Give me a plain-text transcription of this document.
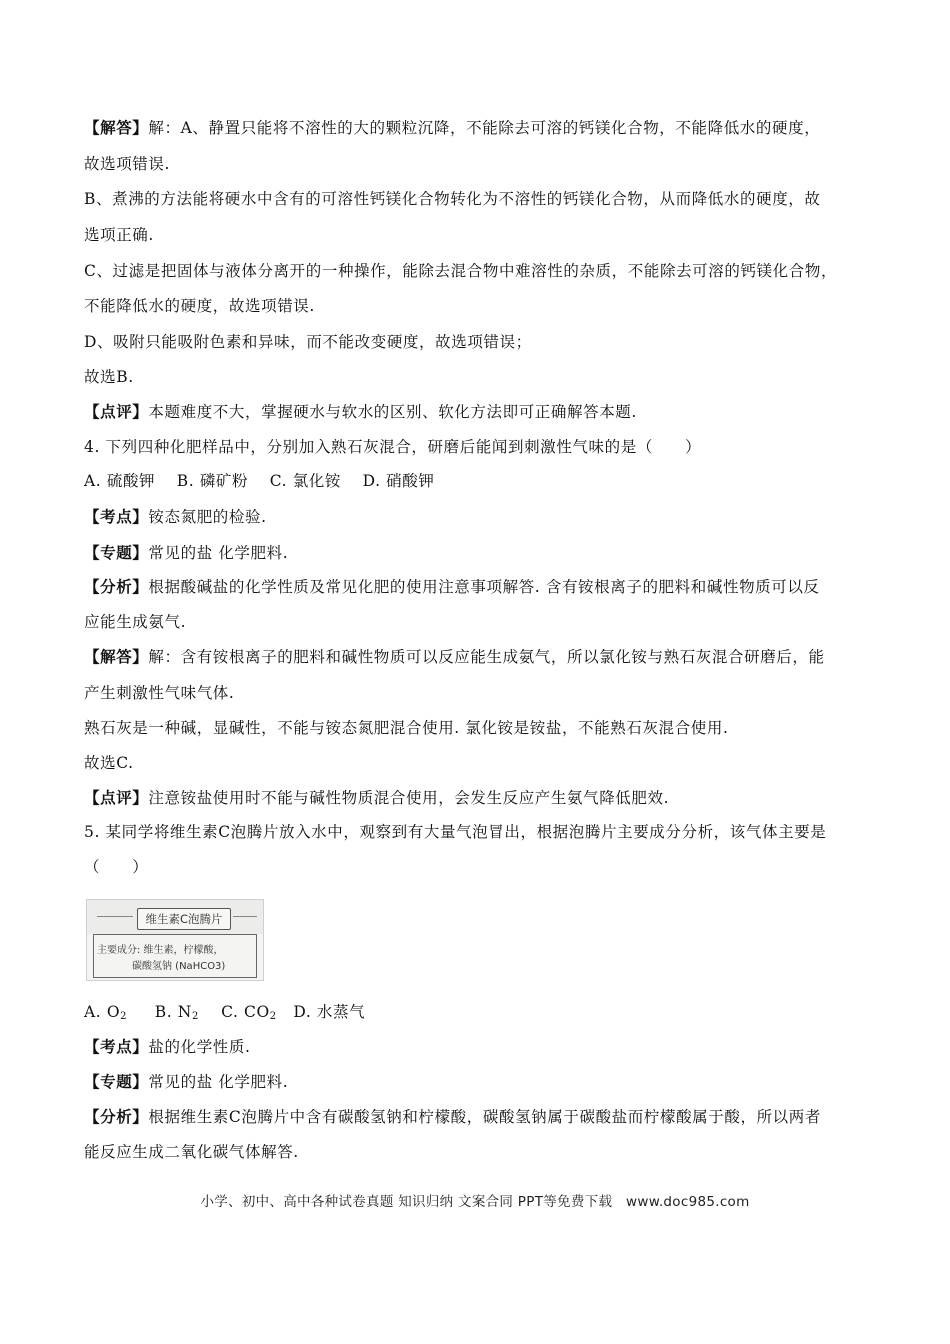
【解答】解：A、静置只能将不溶性的大的颗粒沉降，不能除去可溶的钙镁化合物，不能降低水的硬度，
故选项错误.
B、煮沸的方法能将硬水中含有的可溶性钙镁化合物转化为不溶性的钙镁化合物，从而降低水的硬度，故
选项正确.
C、过滤是把固体与液体分离开的一种操作，能除去混合物中难溶性的杂质，不能除去可溶的钙镁化合物，
不能降低水的硬度，故选项错误.
D、吸附只能吸附色素和异味，而不能改变硬度，故选项错误；
故选B.
【点评】本题难度不大，掌握硬水与软水的区别、软化方法即可正确解答本题.
4. 下列四种化肥样品中，分别加入熟石灰混合，研磨后能闻到刺激性气味的是（　　）
A. 硫酸钾　 B. 磷矿粉　 C. 氯化铵　 D. 硝酸钾
【考点】铵态氮肥的检验.
【专题】常见的盐 化学肥料.
【分析】根据酸碱盐的化学性质及常见化肥的使用注意事项解答. 含有铵根离子的肥料和碱性物质可以反
应能生成氨气.
【解答】解：含有铵根离子的肥料和碱性物质可以反应能生成氨气，所以氯化铵与熟石灰混合研磨后，能
产生刺激性气味气体.
熟石灰是一种碱，显碱性，不能与铵态氮肥混合使用. 氯化铵是铵盐，不能熟石灰混合使用.
故选C.
【点评】注意铵盐使用时不能与碱性物质混合使用，会发生反应产生氨气降低肥效.
5. 某同学将维生素C泡腾片放入水中，观察到有大量气泡冒出，根据泡腾片主要成分分析，该气体主要是
（　　）
维生素C泡腾片
主要成分: 维生素，柠檬酸，
碳酸氢钠 (NaHCO3)
A. $O_2$ B. $N_2$ C. $CO_2$ D. 水蒸气
【考点】盐的化学性质.
【专题】常见的盐 化学肥料.
【分析】根据维生素C泡腾片中含有碳酸氢钠和柠檬酸，碳酸氢钠属于碳酸盐而柠檬酸属于酸，所以两者
能反应生成二氧化碳气体解答.
小学、初中、高中各种试卷真题 知识归纳 文案合同 PPT等免费下载　www.doc985.com
